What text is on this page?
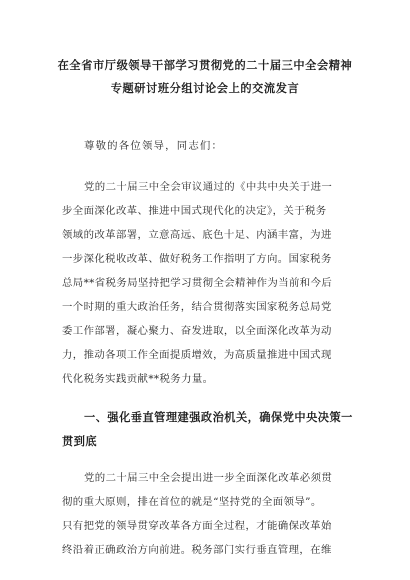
在全省市厅级领导干部学习贯彻党的二十届三中全会精神
专题研讨班分组讨论会上的交流发言
尊敬的各位领导，同志们：
党的二十届三中全会审议通过的《中共中央关于进一
步全面深化改革、推进中国式现代化的决定》，关于税务
领域的改革部署，立意高远、底色十足、内涵丰富，为进
一步深化税收改革、做好税务工作指明了方向。国家税务
总局**省税务局坚持把学习贯彻全会精神作为当前和今后
一个时期的重大政治任务，结合贯彻落实国家税务总局党
委工作部署，凝心聚力、奋发进取，以全面深化改革为动
力，推动各项工作全面提质增效，为高质量推进中国式现
代化税务实践贡献**税务力量。
一、强化垂直管理建强政治机关，确保党中央决策一
贯到底
党的二十届三中全会提出进一步全面深化改革必须贯
彻的重大原则，排在首位的就是“坚持党的全面领导”。
只有把党的领导贯穿改革各方面全过程，才能确保改革始
终沿着正确政治方向前进。税务部门实行垂直管理，在维
